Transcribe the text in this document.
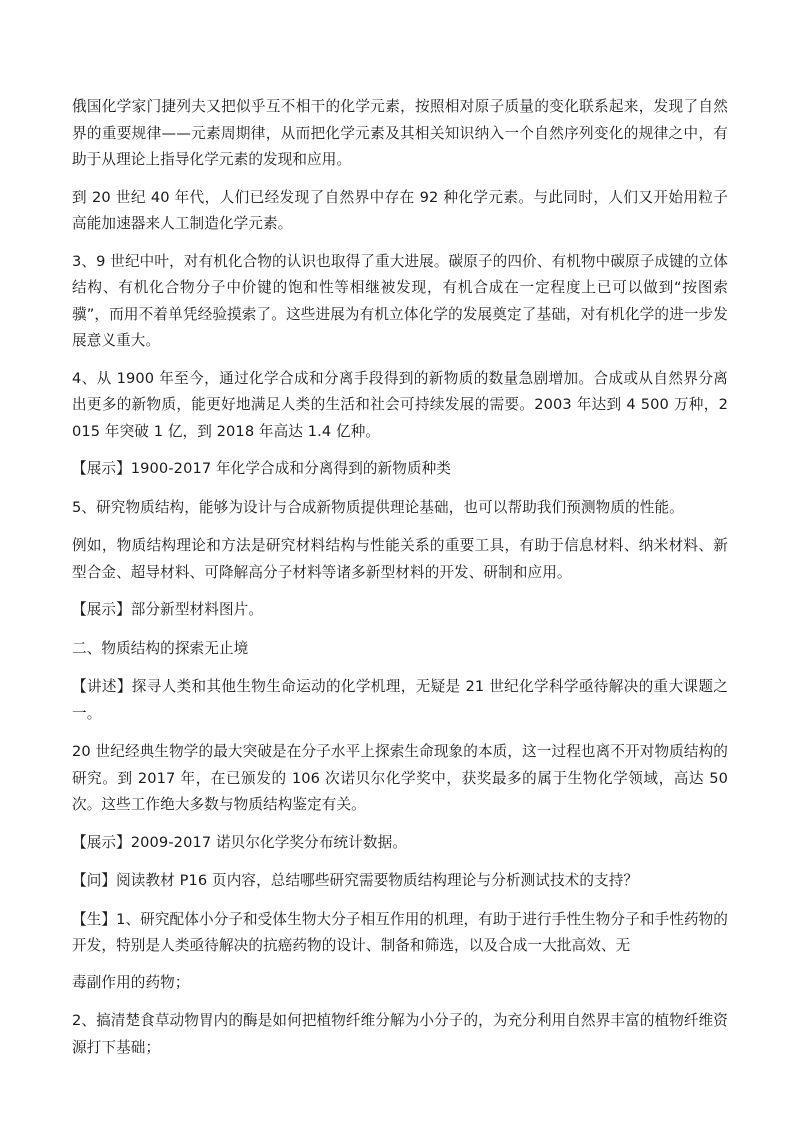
俄国化学家门捷列夫又把似乎互不相干的化学元素，按照相对原子质量的变化联系起来，发现了自然界的重要规律——元素周期律，从而把化学元素及其相关知识纳入一个自然序列变化的规律之中，有助于从理论上指导化学元素的发现和应用。

到 20 世纪 40 年代，人们已经发现了自然界中存在 92 种化学元素。与此同时，人们又开始用粒子高能加速器来人工制造化学元素。

3、9 世纪中叶，对有机化合物的认识也取得了重大进展。碳原子的四价、有机物中碳原子成键的立体结构、有机化合物分子中价键的饱和性等相继被发现，有机合成在一定程度上已可以做到“按图索骥”，而用不着单凭经验摸索了。这些进展为有机立体化学的发展奠定了基础，对有机化学的进一步发展意义重大。

4、从 1900 年至今，通过化学合成和分离手段得到的新物质的数量急剧增加。合成或从自然界分离出更多的新物质，能更好地满足人类的生活和社会可持续发展的需要。2003 年达到 4 500 万种，2015 年突破 1 亿，到 2018 年高达 1.4 亿种。

【展示】1900-2017 年化学合成和分离得到的新物质种类

5、研究物质结构，能够为设计与合成新物质提供理论基础，也可以帮助我们预测物质的性能。

例如，物质结构理论和方法是研究材料结构与性能关系的重要工具，有助于信息材料、纳米材料、新型合金、超导材料、可降解高分子材料等诸多新型材料的开发、研制和应用。

【展示】部分新型材料图片。

二、物质结构的探索无止境

【讲述】探寻人类和其他生物生命运动的化学机理，无疑是 21 世纪化学科学亟待解决的重大课题之一。

20 世纪经典生物学的最大突破是在分子水平上探索生命现象的本质，这一过程也离不开对物质结构的研究。到 2017 年，在已颁发的 106 次诺贝尔化学奖中，获奖最多的属于生物化学领域，高达 50 次。这些工作绝大多数与物质结构鉴定有关。

【展示】2009-2017 诺贝尔化学奖分布统计数据。

【问】阅读教材 P16 页内容，总结哪些研究需要物质结构理论与分析测试技术的支持？

【生】1、研究配体小分子和受体生物大分子相互作用的机理，有助于进行手性生物分子和手性药物的开发，特别是人类亟待解决的抗癌药物的设计、制备和筛选，以及合成一大批高效、无

毒副作用的药物；

2、搞清楚食草动物胃内的酶是如何把植物纤维分解为小分子的，为充分利用自然界丰富的植物纤维资源打下基础；
